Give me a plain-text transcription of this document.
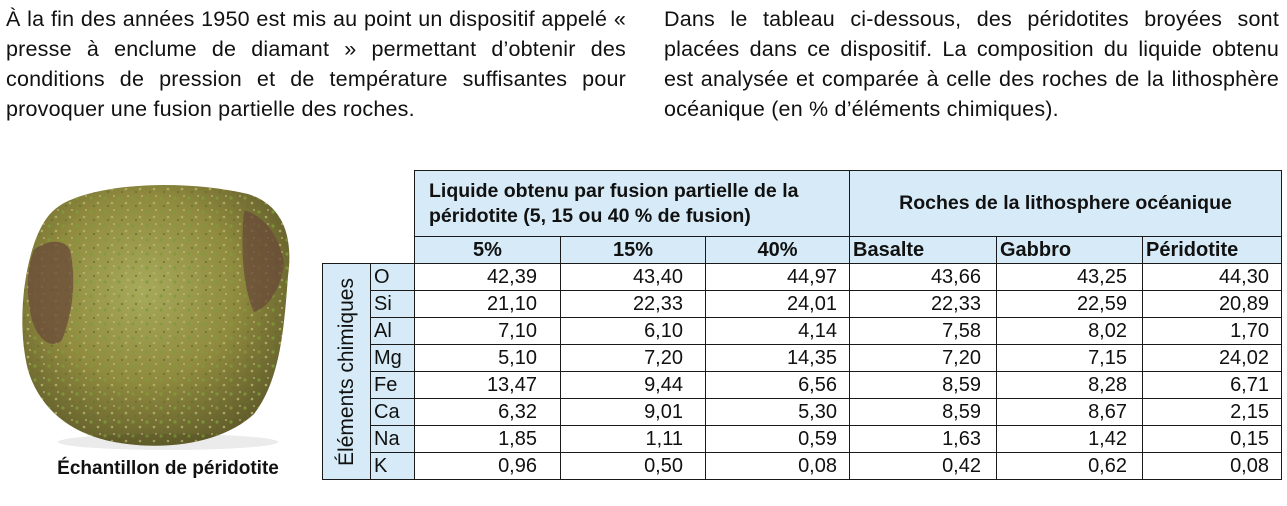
À la fin des années 1950 est mis au point un dispositif appelé « presse à enclume de diamant » permettant d’obtenir des conditions de pression et de température suffisantes pour provoquer une fusion partielle des roches.
Dans le tableau ci-dessous, des péridotites broyées sont placées dans ce dispositif. La composition du liquide obtenu est analysée et comparée à celle des roches de la lithosphère océanique (en % d’éléments chimiques).
Échantillon de péridotite
		Liquide obtenu par fusion partielle de la péridotite (5, 15 ou 40 % de fusion)			Roches de la lithosphere océanique		
		5%	15%	40%	Basalte	Gabbro	Péridotite

Éléments chimiques	O	42,39	43,40	44,97	43,66	43,25	44,30
	Si	21,10	22,33	24,01	22,33	22,59	20,89
	Al	7,10	6,10	4,14	7,58	8,02	1,70
	Mg	5,10	7,20	14,35	7,20	7,15	24,02
	Fe	13,47	9,44	6,56	8,59	8,28	6,71
	Ca	6,32	9,01	5,30	8,59	8,67	2,15
	Na	1,85	1,11	0,59	1,63	1,42	0,15
	K	0,96	0,50	0,08	0,42	0,62	0,08
